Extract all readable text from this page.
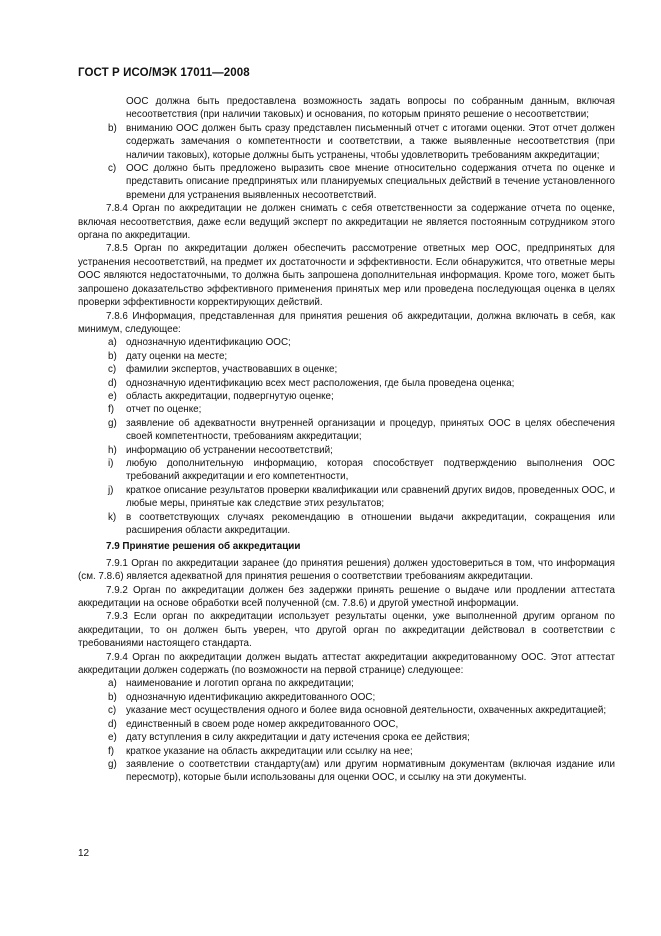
ГОСТ Р ИСО/МЭК 17011—2008

ООС должна быть предоставлена возможность задать вопросы по собранным данным, включая несоответствия (при наличии таковых) и основания, по которым принято решение о несоответствии;

b) вниманию ООС должен быть сразу представлен письменный отчет с итогами оценки. Этот отчет должен содержать замечания о компетентности и соответствии, а также выявленные несоответствия (при наличии таковых), которые должны быть устранены, чтобы удовлетворить требованиям аккредитации;

c) ООС должно быть предложено выразить свое мнение относительно содержания отчета по оценке и представить описание предпринятых или планируемых специальных действий в течение установленного времени для устранения выявленных несоответствий.

7.8.4 Орган по аккредитации не должен снимать с себя ответственности за содержание отчета по оценке, включая несоответствия, даже если ведущий эксперт по аккредитации не является постоянным сотрудником этого органа по аккредитации.

7.8.5 Орган по аккредитации должен обеспечить рассмотрение ответных мер ООС, предпринятых для устранения несоответствий, на предмет их достаточности и эффективности. Если обнаружится, что ответные меры ООС являются недостаточными, то должна быть запрошена дополнительная информация. Кроме того, может быть запрошено доказательство эффективного применения принятых мер или проведена последующая оценка в целях проверки эффективности корректирующих действий.

7.8.6 Информация, представленная для принятия решения об аккредитации, должна включать в себя, как минимум, следующее:

a) однозначную идентификацию ООС;

b) дату оценки на месте;

c) фамилии экспертов, участвовавших в оценке;

d) однозначную идентификацию всех мест расположения, где была проведена оценка;

e) область аккредитации, подвергнутую оценке;

f) отчет по оценке;

g) заявление об адекватности внутренней организации и процедур, принятых ООС в целях обеспечения своей компетентности, требованиям аккредитации;

h) информацию об устранении несоответствий;

i) любую дополнительную информацию, которая способствует подтверждению выполнения ООС требований аккредитации и его компетентности,

j) краткое описание результатов проверки квалификации или сравнений других видов, проведенных ООС, и любые меры, принятые как следствие этих результатов;

k) в соответствующих случаях рекомендацию в отношении выдачи аккредитации, сокращения или расширения области аккредитации.

7.9 Принятие решения об аккредитации

7.9.1 Орган по аккредитации заранее (до принятия решения) должен удостовериться в том, что информация (см. 7.8.6) является адекватной для принятия решения о соответствии требованиям аккредитации.

7.9.2 Орган по аккредитации должен без задержки принять решение о выдаче или продлении аттестата аккредитации на основе обработки всей полученной (см. 7.8.6) и другой уместной информации.

7.9.3 Если орган по аккредитации использует результаты оценки, уже выполненной другим органом по аккредитации, то он должен быть уверен, что другой орган по аккредитации действовал в соответствии с требованиями настоящего стандарта.

7.9.4 Орган по аккредитации должен выдать аттестат аккредитации аккредитованному ООС. Этот аттестат аккредитации должен содержать (по возможности на первой странице) следующее:

a) наименование и логотип органа по аккредитации;

b) однозначную идентификацию аккредитованного ООС;

c) указание мест осуществления одного и более вида основной деятельности, охваченных аккредитацией;

d) единственный в своем роде номер аккредитованного ООС,

e) дату вступления в силу аккредитации и дату истечения срока ее действия;

f) краткое указание на область аккредитации или ссылку на нее;

g) заявление о соответствии стандарту(ам) или другим нормативным документам (включая издание или пересмотр), которые были использованы для оценки ООС, и ссылку на эти документы.

12
